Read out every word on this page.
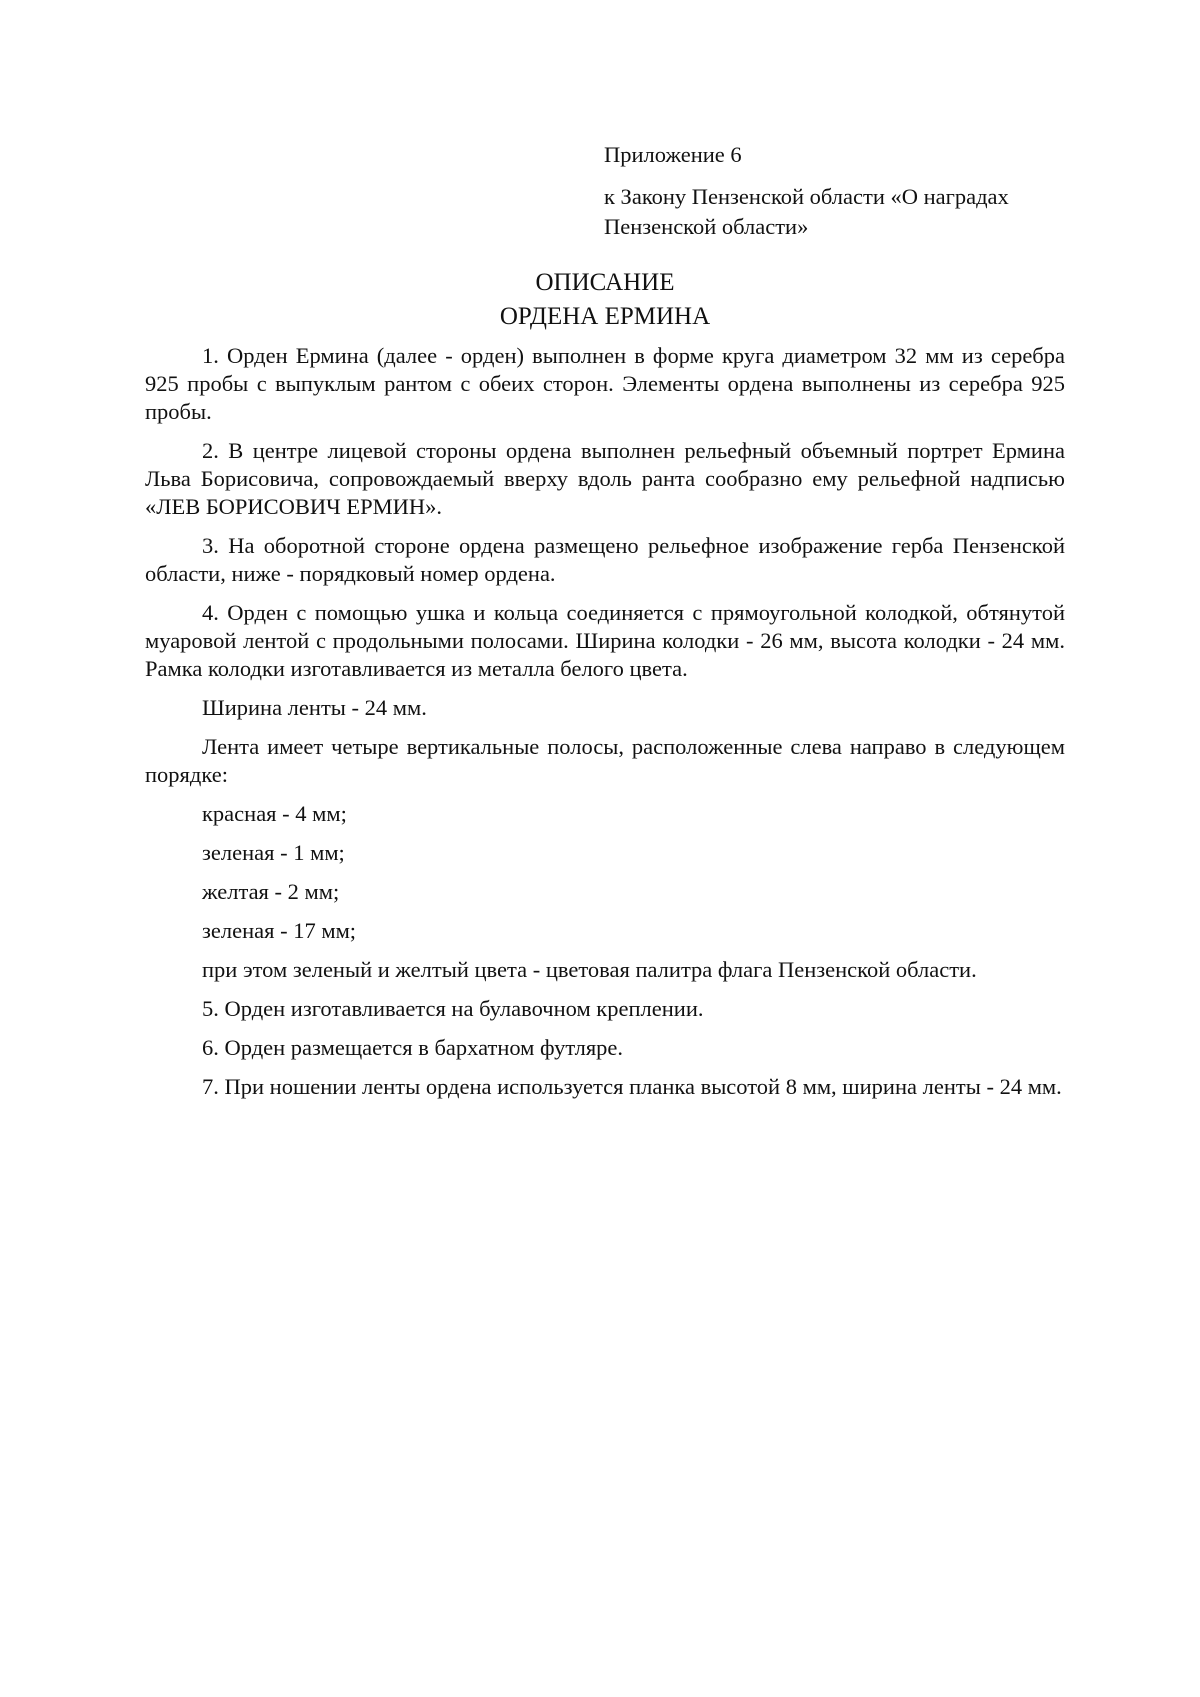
Приложение 6

к Закону Пензенской области «О наградах Пензенской области»

ОПИСАНИЕ
ОРДЕНА ЕРМИНА

1. Орден Ермина (далее - орден) выполнен в форме круга диаметром 32 мм из серебра 925 пробы с выпуклым рантом с обеих сторон. Элементы ордена выполнены из серебра 925 пробы.

2. В центре лицевой стороны ордена выполнен рельефный объемный портрет Ермина Льва Борисовича, сопровождаемый вверху вдоль ранта сообразно ему рельефной надписью «ЛЕВ БОРИСОВИЧ ЕРМИН».

3. На оборотной стороне ордена размещено рельефное изображение герба Пензенской области, ниже - порядковый номер ордена.

4. Орден с помощью ушка и кольца соединяется с прямоугольной колодкой, обтянутой муаровой лентой с продольными полосами. Ширина колодки - 26 мм, высота колодки - 24 мм. Рамка колодки изготавливается из металла белого цвета.

Ширина ленты - 24 мм.

Лента имеет четыре вертикальные полосы, расположенные слева направо в следующем порядке:

красная - 4 мм;

зеленая - 1 мм;

желтая - 2 мм;

зеленая - 17 мм;

при этом зеленый и желтый цвета - цветовая палитра флага Пензенской области.

5. Орден изготавливается на булавочном креплении.

6. Орден размещается в бархатном футляре.

7. При ношении ленты ордена используется планка высотой 8 мм, ширина ленты - 24 мм.
